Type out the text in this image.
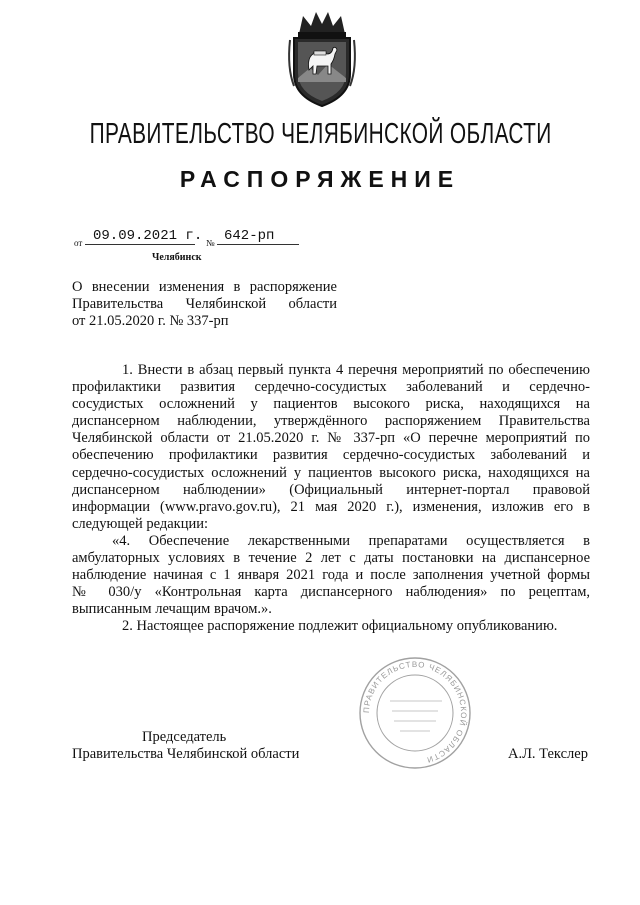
ПРАВИТЕЛЬСТВО ЧЕЛЯБИНСКОЙ ОБЛАСТИ
РАСПОРЯЖЕНИЕ
от 09.09.2021 г. № 642-рп
Челябинск
О внесении изменения в распоряжение
Правительства Челябинской области
от 21.05.2020 г. № 337-рп
1. Внести в абзац первый пункта 4 перечня мероприятий по обеспечению
профилактики развития сердечно-сосудистых заболеваний и сердечно-
сосудистых осложнений у пациентов высокого риска, находящихся на
диспансерном наблюдении, утверждённого распоряжением Правительства
Челябинской области от 21.05.2020 г. № 337-рп «О перечне мероприятий по
обеспечению профилактики развития сердечно-сосудистых заболеваний и
сердечно-сосудистых осложнений у пациентов высокого риска, находящихся на
диспансерном наблюдении» (Официальный интернет-портал правовой
информации (www.pravo.gov.ru), 21 мая 2020 г.), изменения, изложив его в
следующей редакции:
«4. Обеспечение лекарственными препаратами осуществляется в
амбулаторных условиях в течение 2 лет с даты постановки на диспансерное
наблюдение начиная с 1 января 2021 года и после заполнения учетной формы
№ 030/у «Контрольная карта диспансерного наблюдения» по рецептам,
выписанным лечащим врачом.».
2. Настоящее распоряжение подлежит официальному опубликованию.
ПРАВИТЕЛЬСТВО ЧЕЛЯБИНСКОЙ ОБЛАСТИ
Председатель
Правительства Челябинской области	А.Л. Текслер
